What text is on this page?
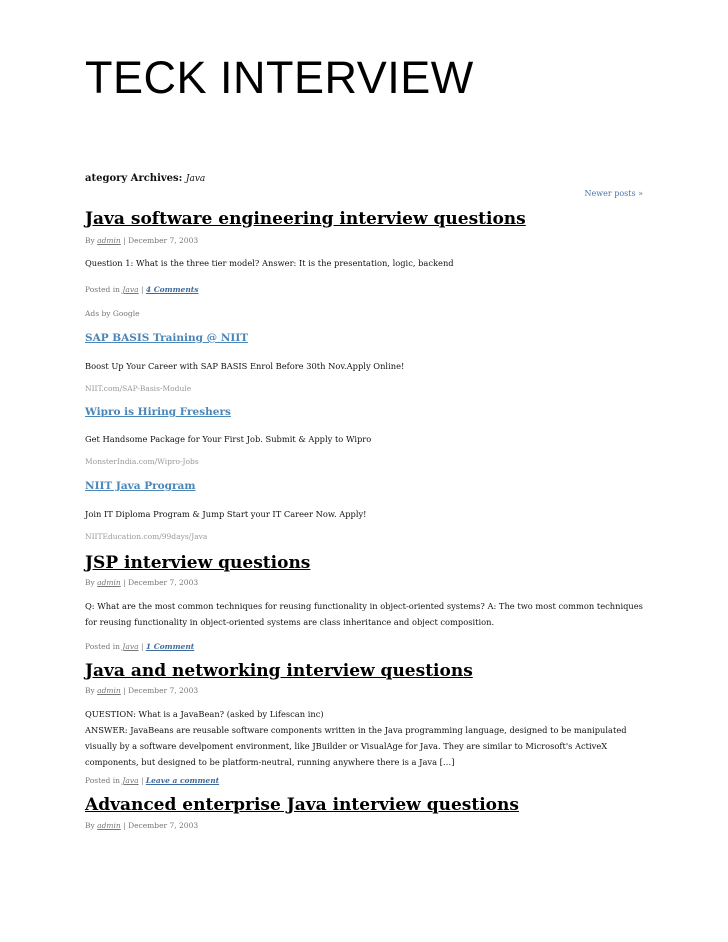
TECK INTERVIEW
ategory Archives: Java
Newer posts »
Java software engineering interview questions
By admin | December 7, 2003
Question 1: What is the three tier model? Answer: It is the presentation, logic, backend
Posted in Java | 4 Comments
Ads by Google
SAP BASIS Training @ NIIT
Boost Up Your Career with SAP BASIS Enrol Before 30th Nov.Apply Online!
NIIT.com/SAP-Basis-Module
Wipro is Hiring Freshers
Get Handsome Package for Your First Job. Submit & Apply to Wipro
MonsterIndia.com/Wipro-Jobs
NIIT Java Program
Join IT Diploma Program & Jump Start your IT Career Now. Apply!
NIITEducation.com/99days/Java
JSP interview questions
By admin | December 7, 2003
Q: What are the most common techniques for reusing functionality in object-oriented systems? A: The two most common techniques for reusing functionality in object-oriented systems are class inheritance and object composition.
Posted in Java | 1 Comment
Java and networking interview questions
By admin | December 7, 2003
QUESTION: What is a JavaBean? (asked by Lifescan inc)
ANSWER: JavaBeans are reusable software components written in the Java programming language, designed to be manipulated visually by a software develpoment environment, like JBuilder or VisualAge for Java. They are similar to Microsoft's ActiveX components, but designed to be platform-neutral, running anywhere there is a Java […]
Posted in Java | Leave a comment
Advanced enterprise Java interview questions
By admin | December 7, 2003
